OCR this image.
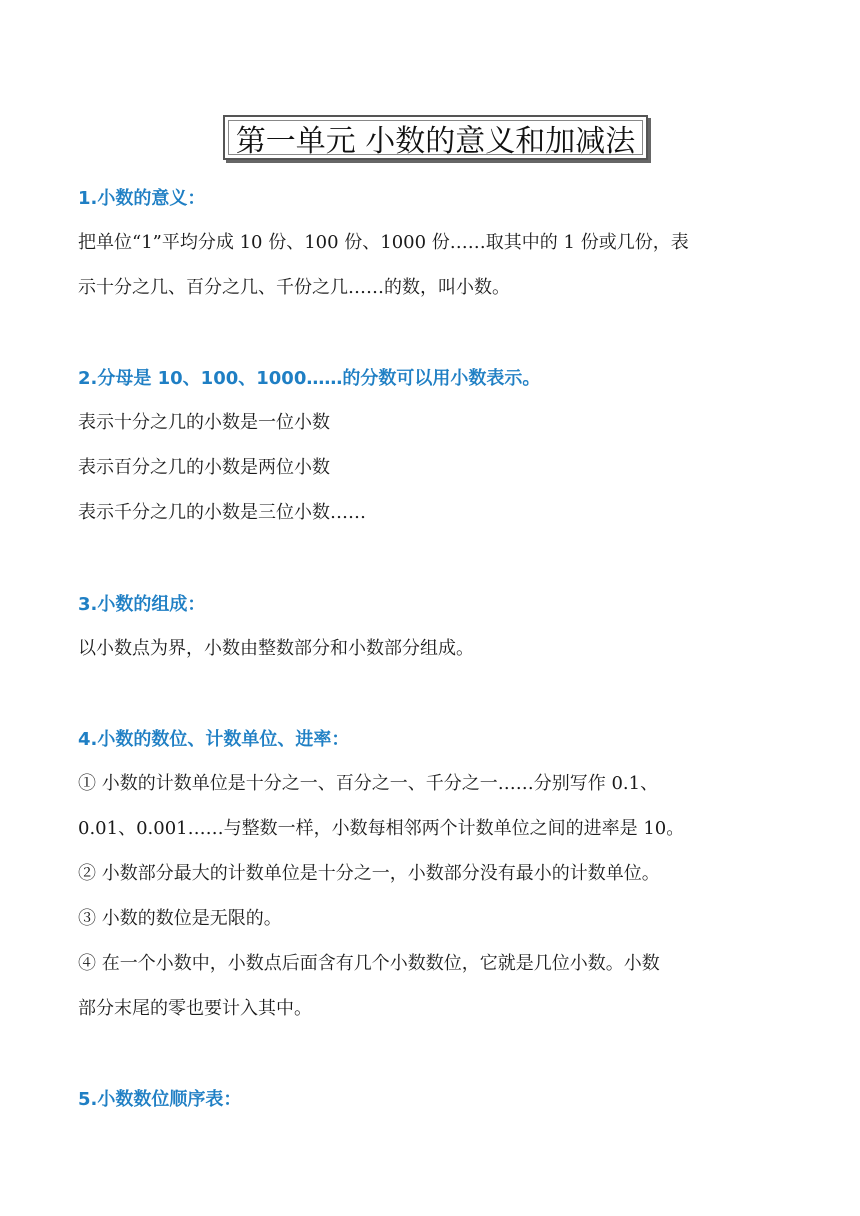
第一单元 小数的意义和加减法
1.小数的意义：
把单位“1”平均分成 10 份、100 份、1000 份……取其中的 1 份或几份，表
示十分之几、百分之几、千份之几……的数，叫小数。
2.分母是 10、100、1000……的分数可以用小数表示。
表示十分之几的小数是一位小数
表示百分之几的小数是两位小数
表示千分之几的小数是三位小数……
3.小数的组成：
以小数点为界，小数由整数部分和小数部分组成。
4.小数的数位、计数单位、进率：
① 小数的计数单位是十分之一、百分之一、千分之一……分别写作 0.1、
0.01、0.001……与整数一样，小数每相邻两个计数单位之间的进率是 10。
② 小数部分最大的计数单位是十分之一，小数部分没有最小的计数单位。
③ 小数的数位是无限的。
④ 在一个小数中，小数点后面含有几个小数数位，它就是几位小数。小数
部分末尾的零也要计入其中。
5.小数数位顺序表：
